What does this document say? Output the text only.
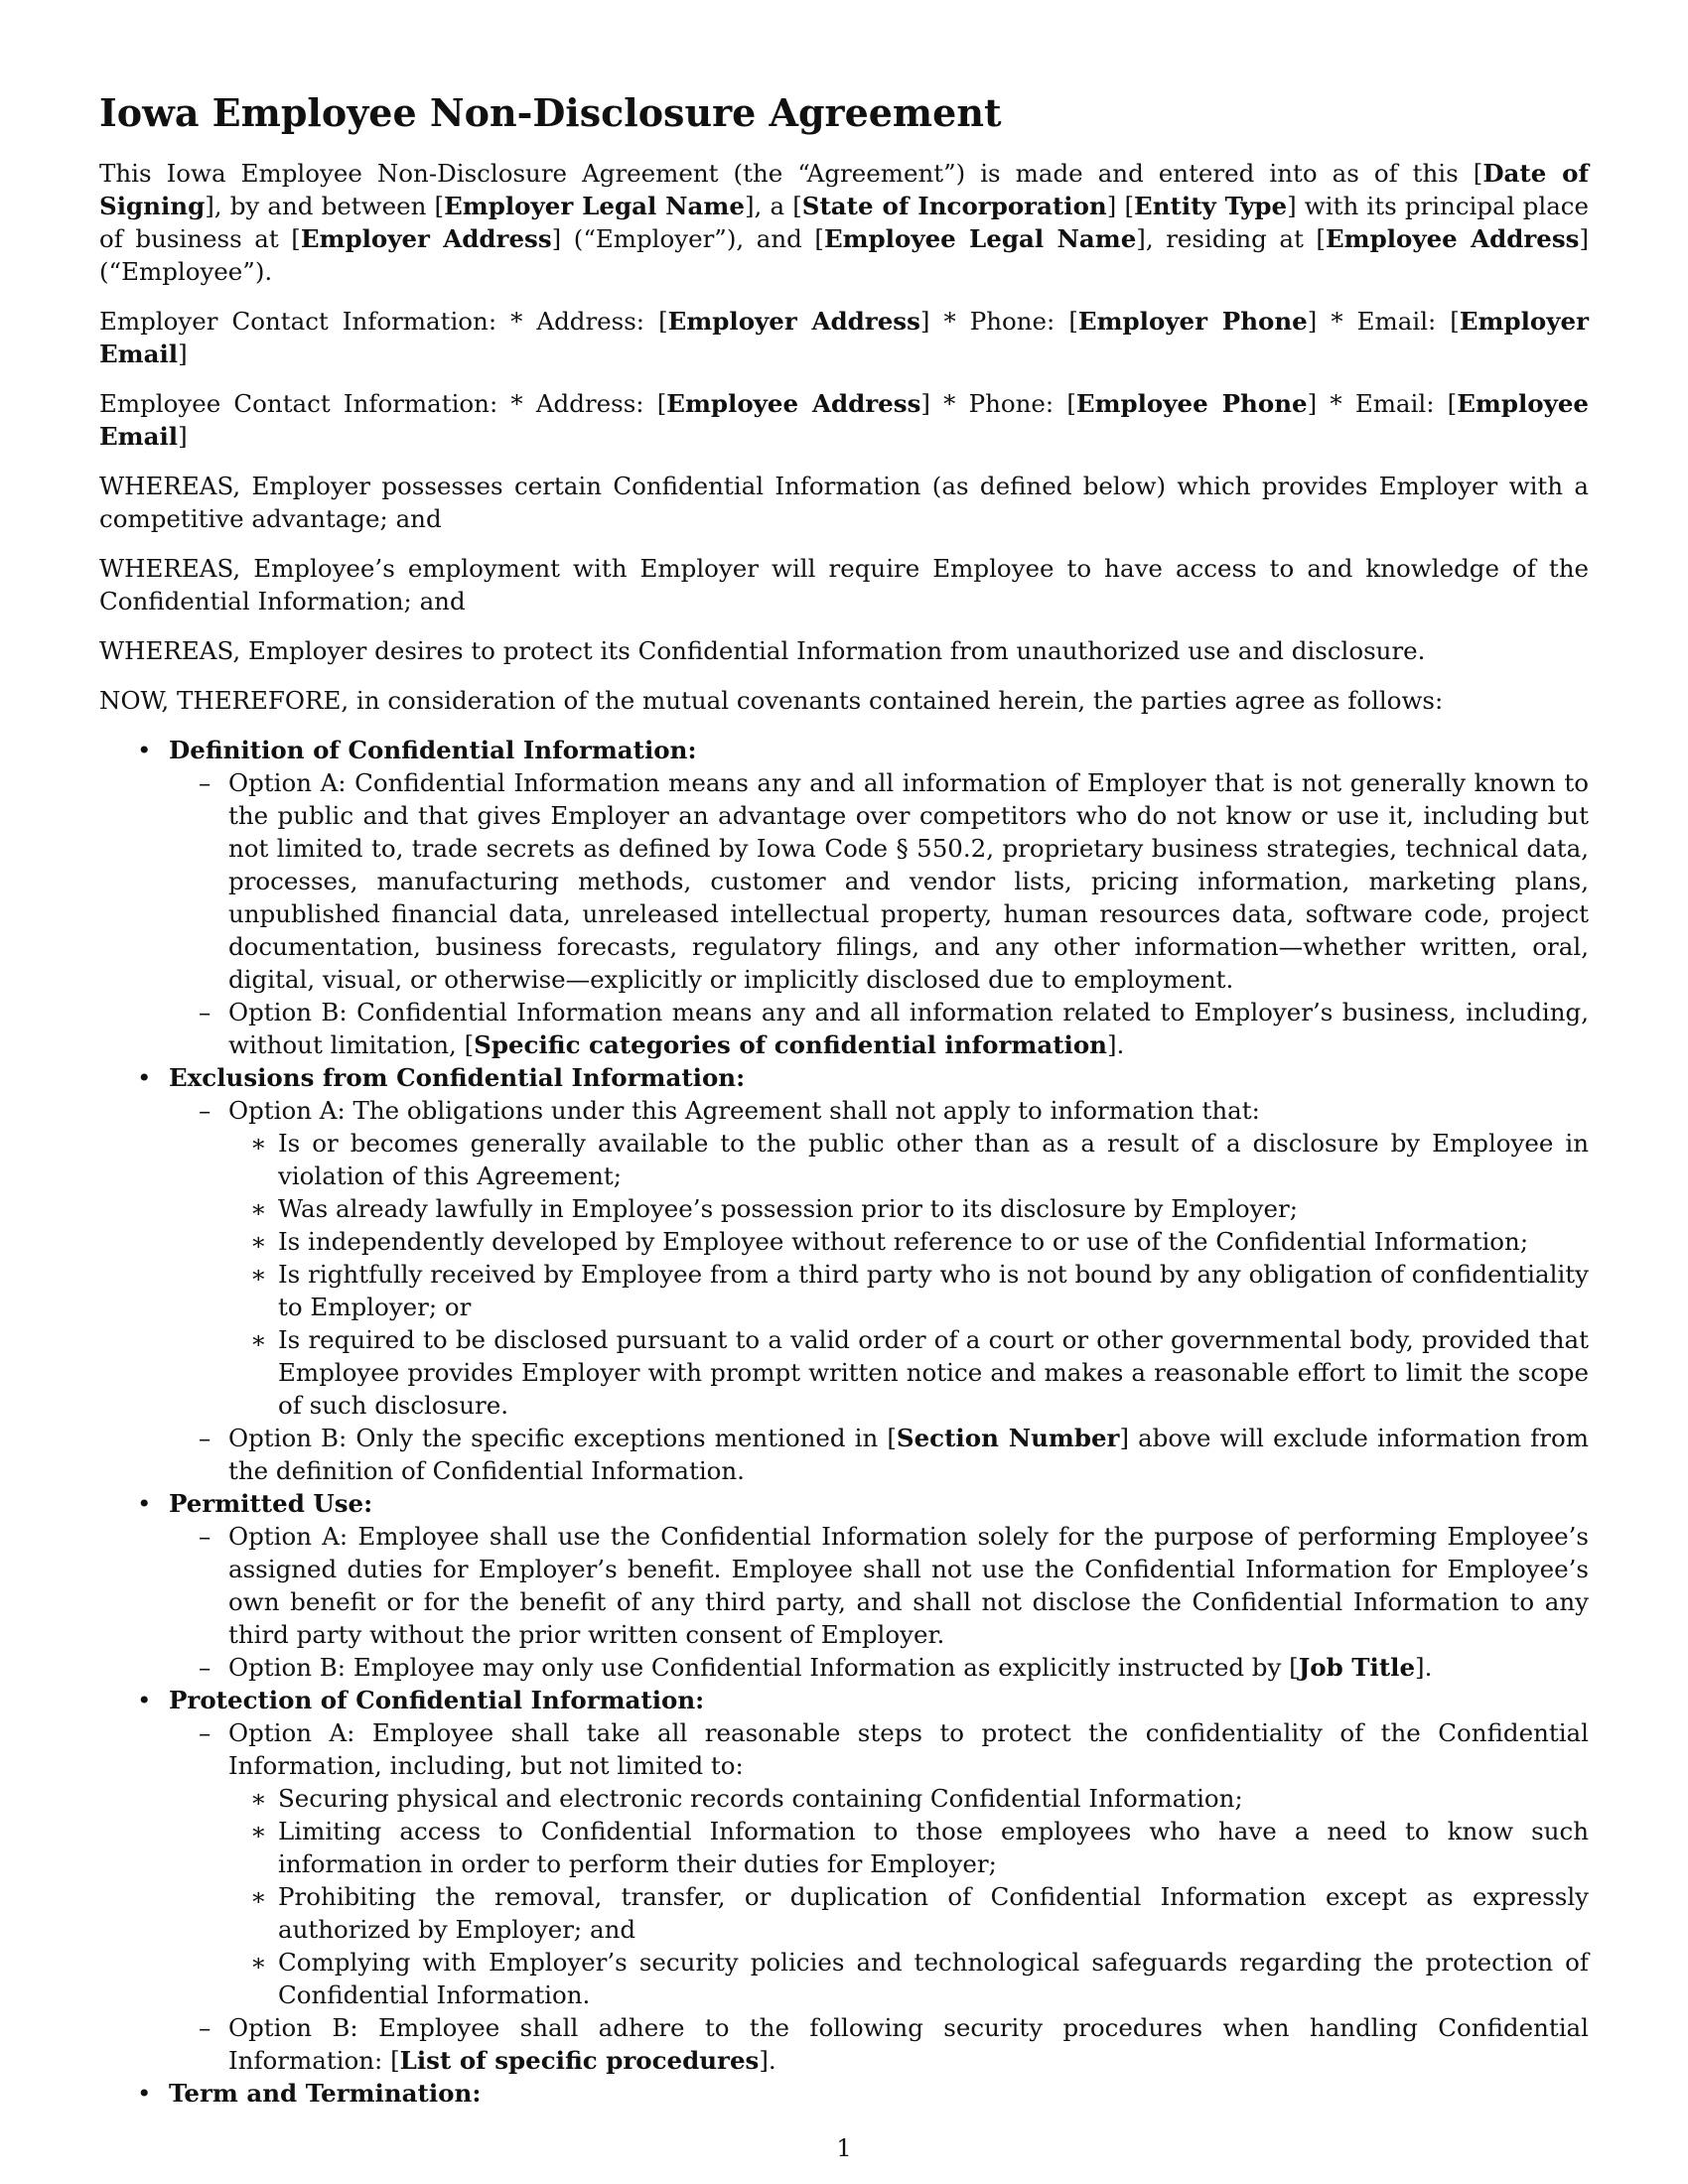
Iowa Employee Non-Disclosure Agreement

This Iowa Employee Non-Disclosure Agreement (the “Agreement”) is made and entered into as of this [Date of Signing], by and between [Employer Legal Name], a [State of Incorporation] [Entity Type] with its principal place of business at [Employer Address] (“Employer”), and [Employee Legal Name], residing at [Employee Address] (“Employee”).

Employer Contact Information: * Address: [Employer Address] * Phone: [Employer Phone] * Email: [Employer Email]

Employee Contact Information: * Address: [Employee Address] * Phone: [Employee Phone] * Email: [Employee Email]

WHEREAS, Employer possesses certain Confidential Information (as defined below) which provides Employer with a competitive advantage; and

WHEREAS, Employee’s employment with Employer will require Employee to have access to and knowledge of the Confidential Information; and

WHEREAS, Employer desires to protect its Confidential Information from unauthorized use and disclosure.

NOW, THEREFORE, in consideration of the mutual covenants contained herein, the parties agree as follows:

• Definition of Confidential Information:
– Option A: Confidential Information means any and all information of Employer that is not generally known to the public and that gives Employer an advantage over competitors who do not know or use it, including but not limited to, trade secrets as defined by Iowa Code § 550.2, proprietary business strategies, technical data, processes, manufacturing methods, customer and vendor lists, pricing information, marketing plans, unpublished financial data, unreleased intellectual property, human resources data, software code, project documentation, business forecasts, regulatory filings, and any other information—whether written, oral, digital, visual, or otherwise—explicitly or implicitly disclosed due to employment.
– Option B: Confidential Information means any and all information related to Employer’s business, including, without limitation, [Specific categories of confidential information].
• Exclusions from Confidential Information:
– Option A: The obligations under this Agreement shall not apply to information that:
∗ Is or becomes generally available to the public other than as a result of a disclosure by Employee in violation of this Agreement;
∗ Was already lawfully in Employee’s possession prior to its disclosure by Employer;
∗ Is independently developed by Employee without reference to or use of the Confidential Information;
∗ Is rightfully received by Employee from a third party who is not bound by any obligation of confidentiality to Employer; or
∗ Is required to be disclosed pursuant to a valid order of a court or other governmental body, provided that Employee provides Employer with prompt written notice and makes a reasonable effort to limit the scope of such disclosure.
– Option B: Only the specific exceptions mentioned in [Section Number] above will exclude information from the definition of Confidential Information.
• Permitted Use:
– Option A: Employee shall use the Confidential Information solely for the purpose of performing Employee’s assigned duties for Employer’s benefit. Employee shall not use the Confidential Information for Employee’s own benefit or for the benefit of any third party, and shall not disclose the Confidential Information to any third party without the prior written consent of Employer.
– Option B: Employee may only use Confidential Information as explicitly instructed by [Job Title].
• Protection of Confidential Information:
– Option A: Employee shall take all reasonable steps to protect the confidentiality of the Confidential Information, including, but not limited to:
∗ Securing physical and electronic records containing Confidential Information;
∗ Limiting access to Confidential Information to those employees who have a need to know such information in order to perform their duties for Employer;
∗ Prohibiting the removal, transfer, or duplication of Confidential Information except as expressly authorized by Employer; and
∗ Complying with Employer’s security policies and technological safeguards regarding the protection of Confidential Information.
– Option B: Employee shall adhere to the following security procedures when handling Confidential Information: [List of specific procedures].
• Term and Termination:
1
